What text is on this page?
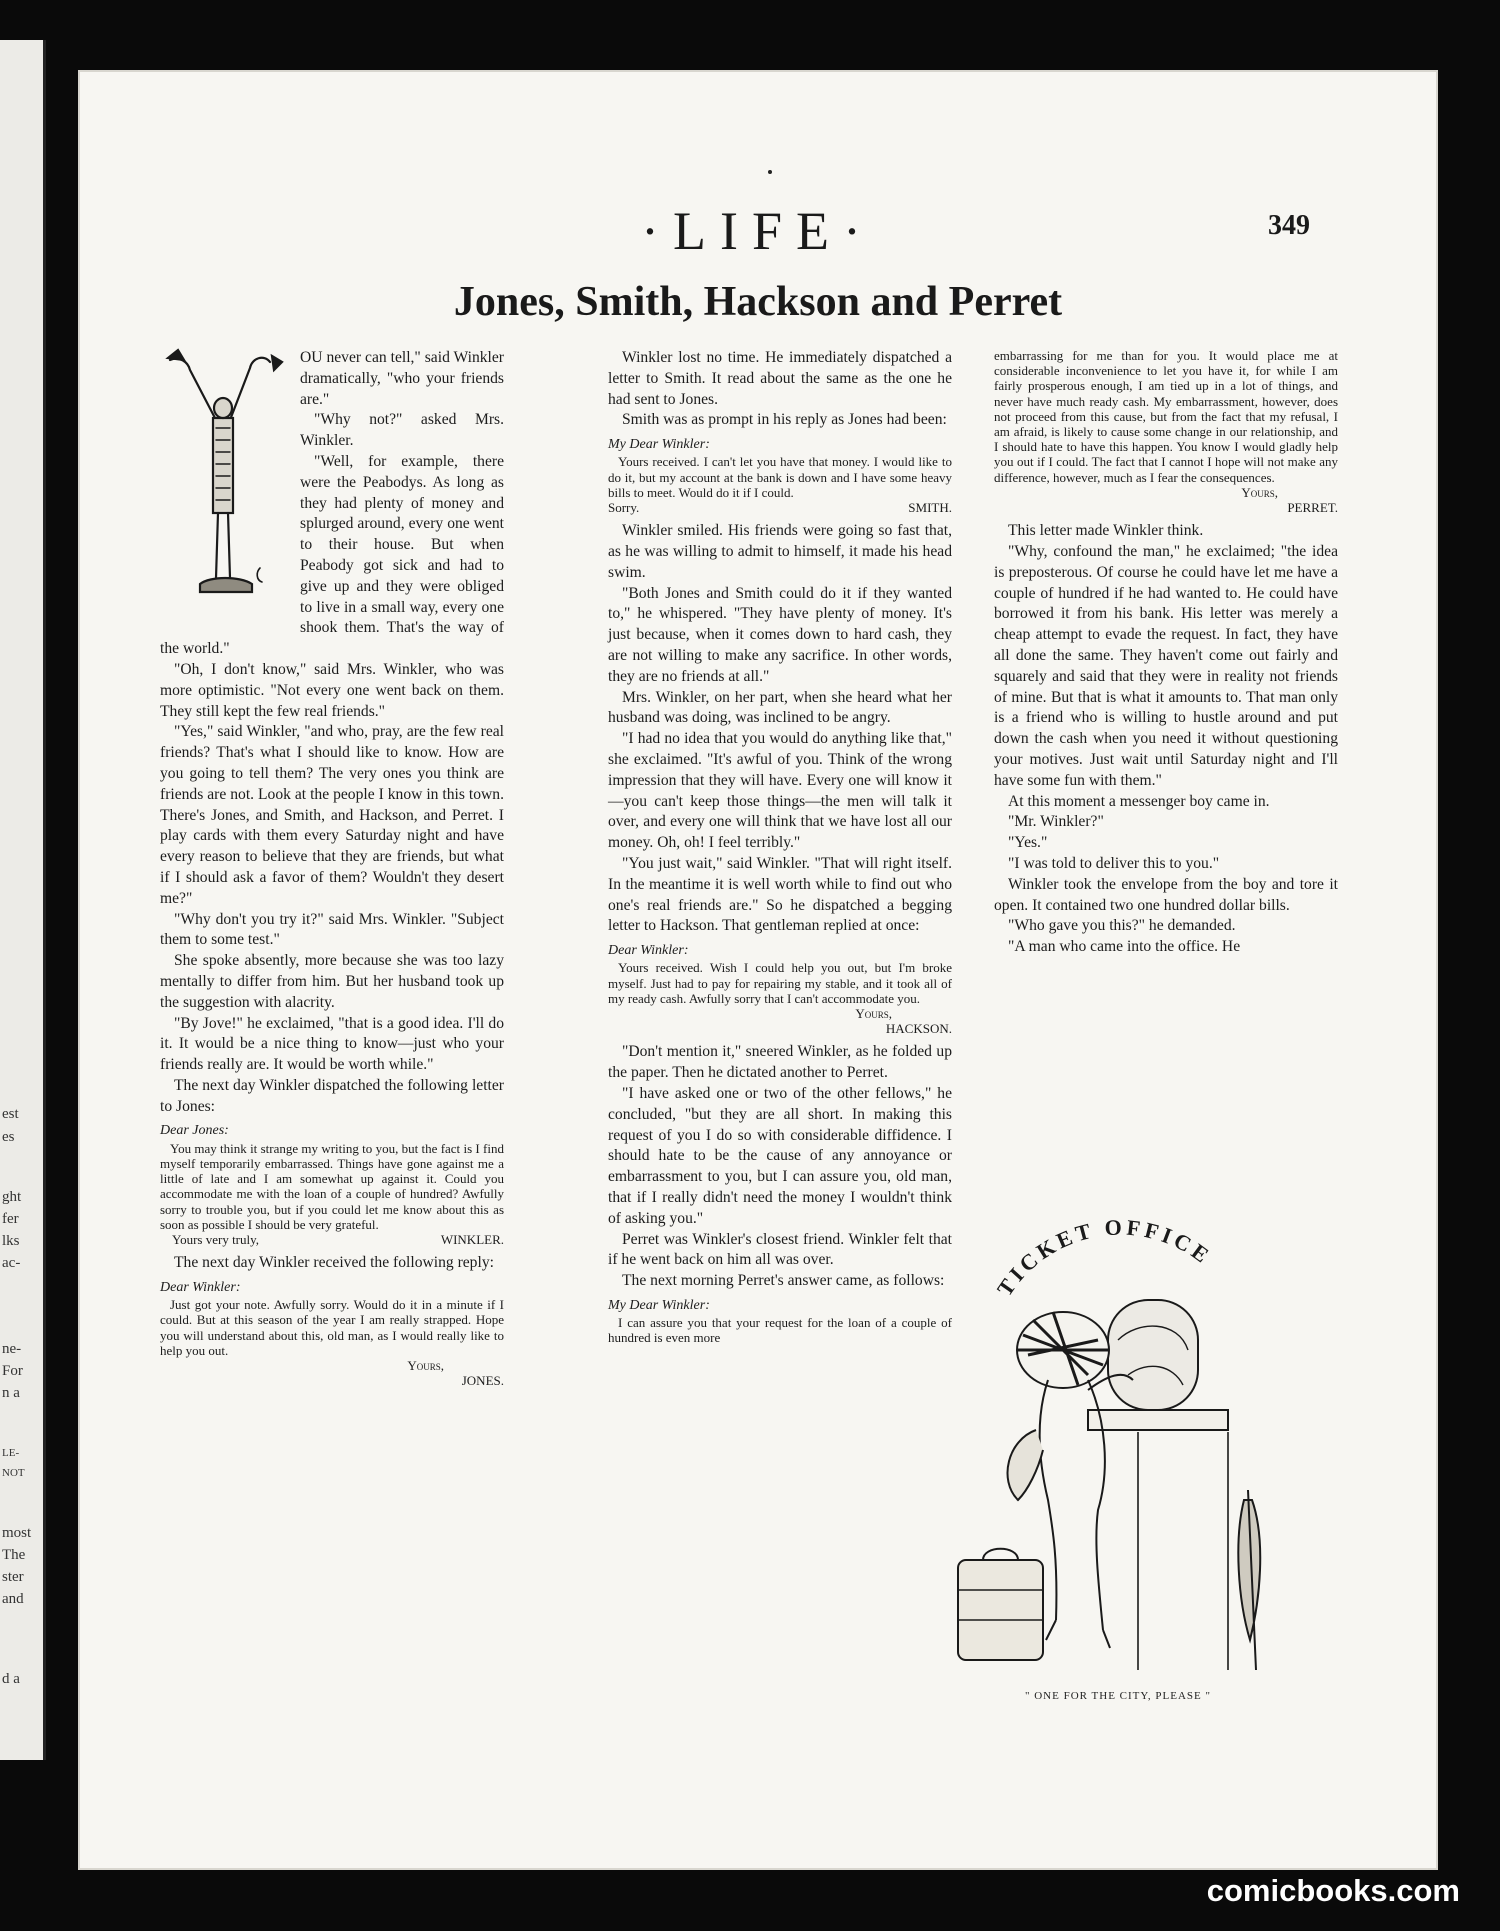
est
es
ght
fer
lks
ac-
ne-
For
n a
LE-
NOT
most
The
ster
and
d a
·LIFE·	349
Jones, Smith, Hackson and Perret

OU never can tell," said Winkler dramatically, "who your friends are."

"Why not?" asked Mrs. Winkler.

"Well, for example, there were the Peabodys. As long as they had plenty of money and splurged around, every one went to their house. But when Peabody got sick and had to give up and they were obliged to live in a small way, every one shook them. That's the way of the world."

"Oh, I don't know," said Mrs. Winkler, who was more optimistic. "Not every one went back on them. They still kept the few real friends."

"Yes," said Winkler, "and who, pray, are the few real friends? That's what I should like to know. How are you going to tell them? The very ones you think are friends are not. Look at the people I know in this town. There's Jones, and Smith, and Hackson, and Perret. I play cards with them every Saturday night and have every reason to believe that they are friends, but what if I should ask a favor of them? Wouldn't they desert me?"

"Why don't you try it?" said Mrs. Winkler. "Subject them to some test."

She spoke absently, more because she was too lazy mentally to differ from him. But her husband took up the suggestion with alacrity.

"By Jove!" he exclaimed, "that is a good idea. I'll do it. It would be a nice thing to know—just who your friends really are. It would be worth while."

The next day Winkler dispatched the following letter to Jones:

Dear Jones:
You may think it strange my writing to you, but the fact is I find myself temporarily embarrassed. Things have gone against me a little of late and I am somewhat up against it. Could you accommodate me with the loan of a couple of hundred? Awfully sorry to trouble you, but if you could let me know about this as soon as possible I should be very grateful.
Yours very truly,	WINKLER.

The next day Winkler received the following reply:

Dear Winkler:
Just got your note. Awfully sorry. Would do it in a minute if I could. But at this season of the year I am really strapped. Hope you will understand about this, old man, as I would really like to help you out.
Yours,
JONES.

Winkler lost no time. He immediately dispatched a letter to Smith. It read about the same as the one he had sent to Jones.

Smith was as prompt in his reply as Jones had been:

My Dear Winkler:
Yours received. I can't let you have that money. I would like to do it, but my account at the bank is down and I have some heavy bills to meet. Would do it if I could.
Sorry.	SMITH.

Winkler smiled. His friends were going so fast that, as he was willing to admit to himself, it made his head swim.

"Both Jones and Smith could do it if they wanted to," he whispered. "They have plenty of money. It's just because, when it comes down to hard cash, they are not willing to make any sacrifice. In other words, they are no friends at all."

Mrs. Winkler, on her part, when she heard what her husband was doing, was inclined to be angry.

"I had no idea that you would do anything like that," she exclaimed. "It's awful of you. Think of the wrong impression that they will have. Every one will know it—you can't keep those things—the men will talk it over, and every one will think that we have lost all our money. Oh, oh! I feel terribly."

"You just wait," said Winkler. "That will right itself. In the meantime it is well worth while to find out who one's real friends are." So he dispatched a begging letter to Hackson. That gentleman replied at once:

Dear Winkler:
Yours received. Wish I could help you out, but I'm broke myself. Just had to pay for repairing my stable, and it took all of my ready cash. Awfully sorry that I can't accommodate you.
Yours,
HACKSON.

"Don't mention it," sneered Winkler, as he folded up the paper. Then he dictated another to Perret.

"I have asked one or two of the other fellows," he concluded, "but they are all short. In making this request of you I do so with considerable diffidence. I should hate to be the cause of any annoyance or embarrassment to you, but I can assure you, old man, that if I really didn't need the money I wouldn't think of asking you."

Perret was Winkler's closest friend. Winkler felt that if he went back on him all was over.

The next morning Perret's answer came, as follows:

My Dear Winkler:
I can assure you that your request for the loan of a couple of hundred is even more
embarrassing for me than for you. It would place me at considerable inconvenience to let you have it, for while I am fairly prosperous enough, I am tied up in a lot of things, and never have much ready cash. My embarrassment, however, does not proceed from this cause, but from the fact that my refusal, I am afraid, is likely to cause some change in our relationship, and I should hate to have this happen. You know I would gladly help you out if I could. The fact that I cannot I hope will not make any difference, however, much as I fear the consequences.
Yours,
PERRET.

This letter made Winkler think.

"Why, confound the man," he exclaimed; "the idea is preposterous. Of course he could have let me have a couple of hundred if he had wanted to. He could have borrowed it from his bank. His letter was merely a cheap attempt to evade the request. In fact, they have all done the same. They haven't come out fairly and squarely and said that they were in reality not friends of mine. But that is what it amounts to. That man only is a friend who is willing to hustle around and put down the cash when you need it without questioning your motives. Just wait until Saturday night and I'll have some fun with them."

At this moment a messenger boy came in.

"Mr. Winkler?"

"Yes."

"I was told to deliver this to you."

Winkler took the envelope from the boy and tore it open. It contained two one hundred dollar bills.

"Who gave you this?" he demanded.

"A man who came into the office. He

TICKET OFFICE
" ONE FOR THE CITY, PLEASE "
comicbooks.com
